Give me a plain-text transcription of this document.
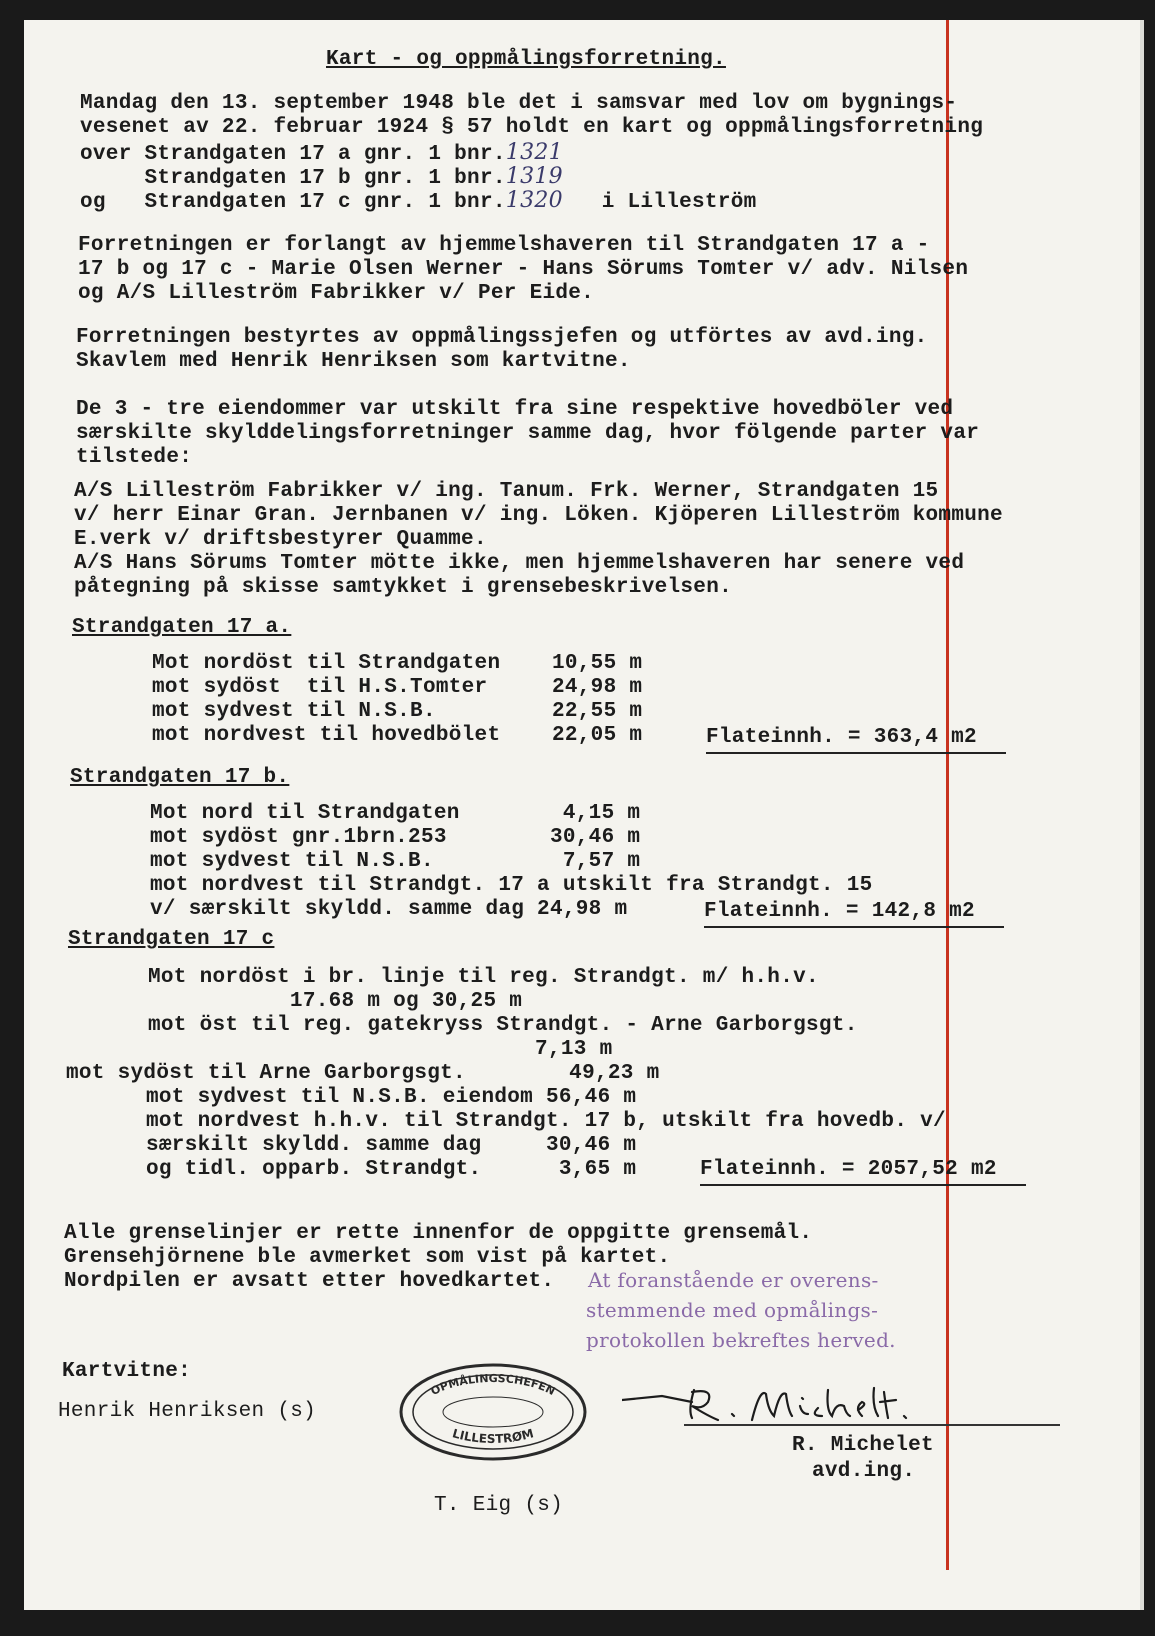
Kart - og oppmålingsforretning.
Mandag den 13. september 1948 ble det i samsvar med lov om bygnings-
vesenet av 22. februar 1924 § 57 holdt en kart og oppmålingsforretning
over Strandgaten 17 a gnr. 1 bnr.1321
Strandgaten 17 b gnr. 1 bnr.1319
og   Strandgaten 17 c gnr. 1 bnr.1320 i Lilleström
Forretningen er forlangt av hjemmelshaveren til Strandgaten 17 a -
17 b og 17 c - Marie Olsen Werner - Hans Sörums Tomter v/ adv. Nilsen
og A/S Lilleström Fabrikker v/ Per Eide.
Forretningen bestyrtes av oppmålingssjefen og utförtes av avd.ing.
Skavlem med Henrik Henriksen som kartvitne.
De 3 - tre eiendommer var utskilt fra sine respektive hovedböler ved
særskilte skylddelingsforretninger samme dag, hvor fölgende parter var
tilstede:
A/S Lilleström Fabrikker v/ ing. Tanum. Frk. Werner, Strandgaten 15
v/ herr Einar Gran. Jernbanen v/ ing. Löken. Kjöperen Lilleström kommune
E.verk v/ driftsbestyrer Quamme.
A/S Hans Sörums Tomter mötte ikke, men hjemmelshaveren har senere ved
påtegning på skisse samtykket i grensebeskrivelsen.
Strandgaten 17 a.
Mot nordöst til Strandgaten    10,55 m
mot sydöst  til H.S.Tomter     24,98 m
mot sydvest til N.S.B.         22,55 m
mot nordvest til hovedbölet    22,05 m	Flateinnh. = 363,4 m2
Strandgaten 17 b.
Mot nord til Strandgaten        4,15 m
mot sydöst gnr.1brn.253        30,46 m
mot sydvest til N.S.B.          7,57 m
mot nordvest til Strandgt. 17 a utskilt fra Strandgt. 15
v/ særskilt skyldd. samme dag 24,98 m	Flateinnh. = 142,8 m2
Strandgaten 17 c
Mot nordöst i br. linje til reg. Strandgt. m/ h.h.v.
17.68 m og 30,25 m
mot öst til reg. gatekryss Strandgt. - Arne Garborgsgt.
7,13 m
mot sydöst til Arne Garborgsgt.        49,23 m
mot sydvest til N.S.B. eiendom 56,46 m
mot nordvest h.h.v. til Strandgt. 17 b, utskilt fra hovedb. v/
særskilt skyldd. samme dag     30,46 m
og tidl. opparb. Strandgt.      3,65 m	Flateinnh. = 2057,52 m2
Alle grenselinjer er rette innenfor de oppgitte grensemål.
Grensehjörnene ble avmerket som vist på kartet.
Nordpilen er avsatt etter hovedkartet. At foranstående er overens-
stemmende med opmålings-
protokollen bekreftes herved.
Kartvitne:
Henrik Henriksen (s)
OPMÅLINGSCHEFEN
LILLESTRØM	R. Michelet
avd.ing.
T. Eig (s)
